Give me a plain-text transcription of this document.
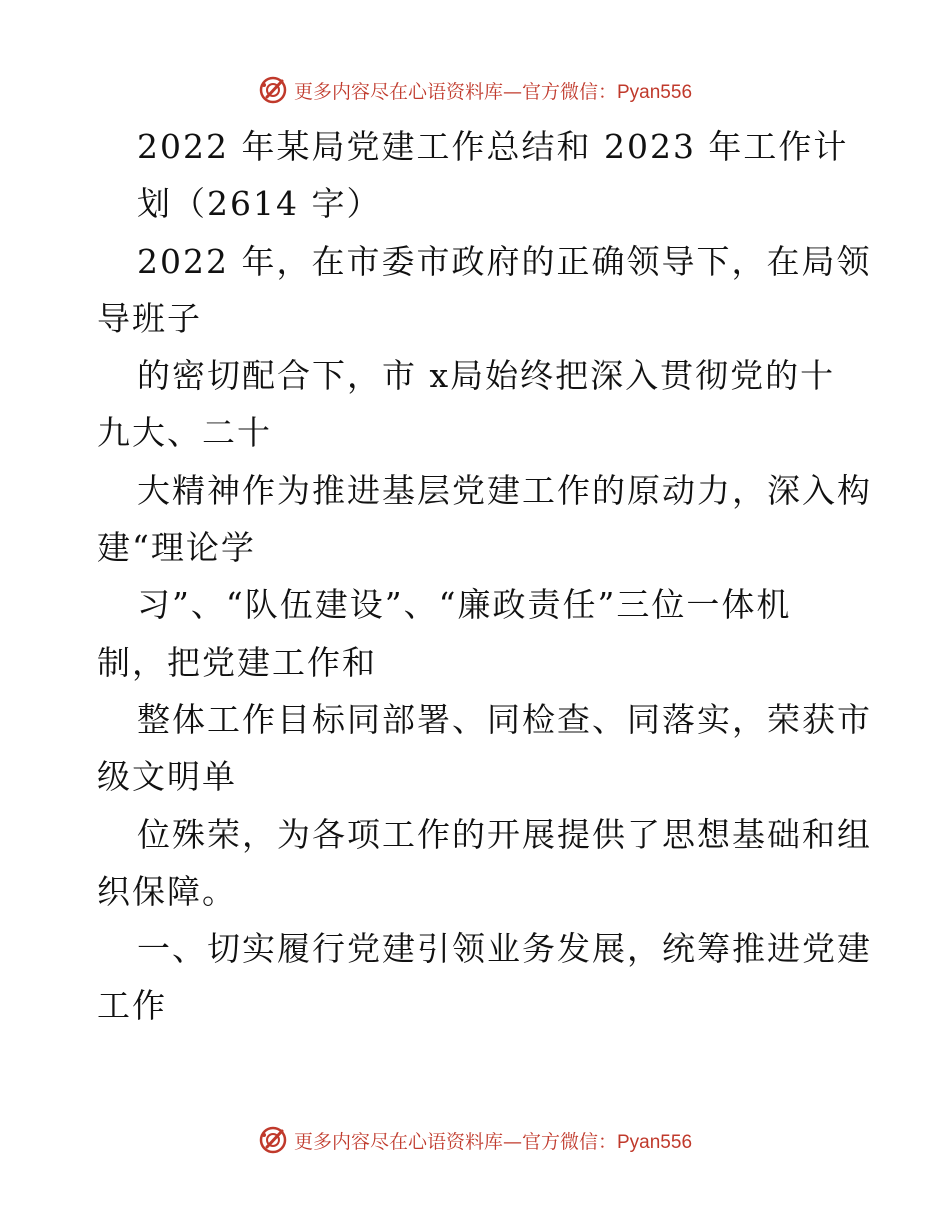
更多内容尽在心语资料库—官方微信：Pyan556
2022 年某局党建工作总结和 2023 年工作计
划（2614 字）
2022 年，在市委市政府的正确领导下，在局领
导班子
的密切配合下，市 x局始终把深入贯彻党的十
九大、二十
大精神作为推进基层党建工作的原动力，深入构
建“理论学
习”、“队伍建设”、“廉政责任”三位一体机
制，把党建工作和
整体工作目标同部署、同检查、同落实，荣获市
级文明单
位殊荣，为各项工作的开展提供了思想基础和组
织保障。
一、切实履行党建引领业务发展，统筹推进党建
工作
更多内容尽在心语资料库—官方微信：Pyan556
